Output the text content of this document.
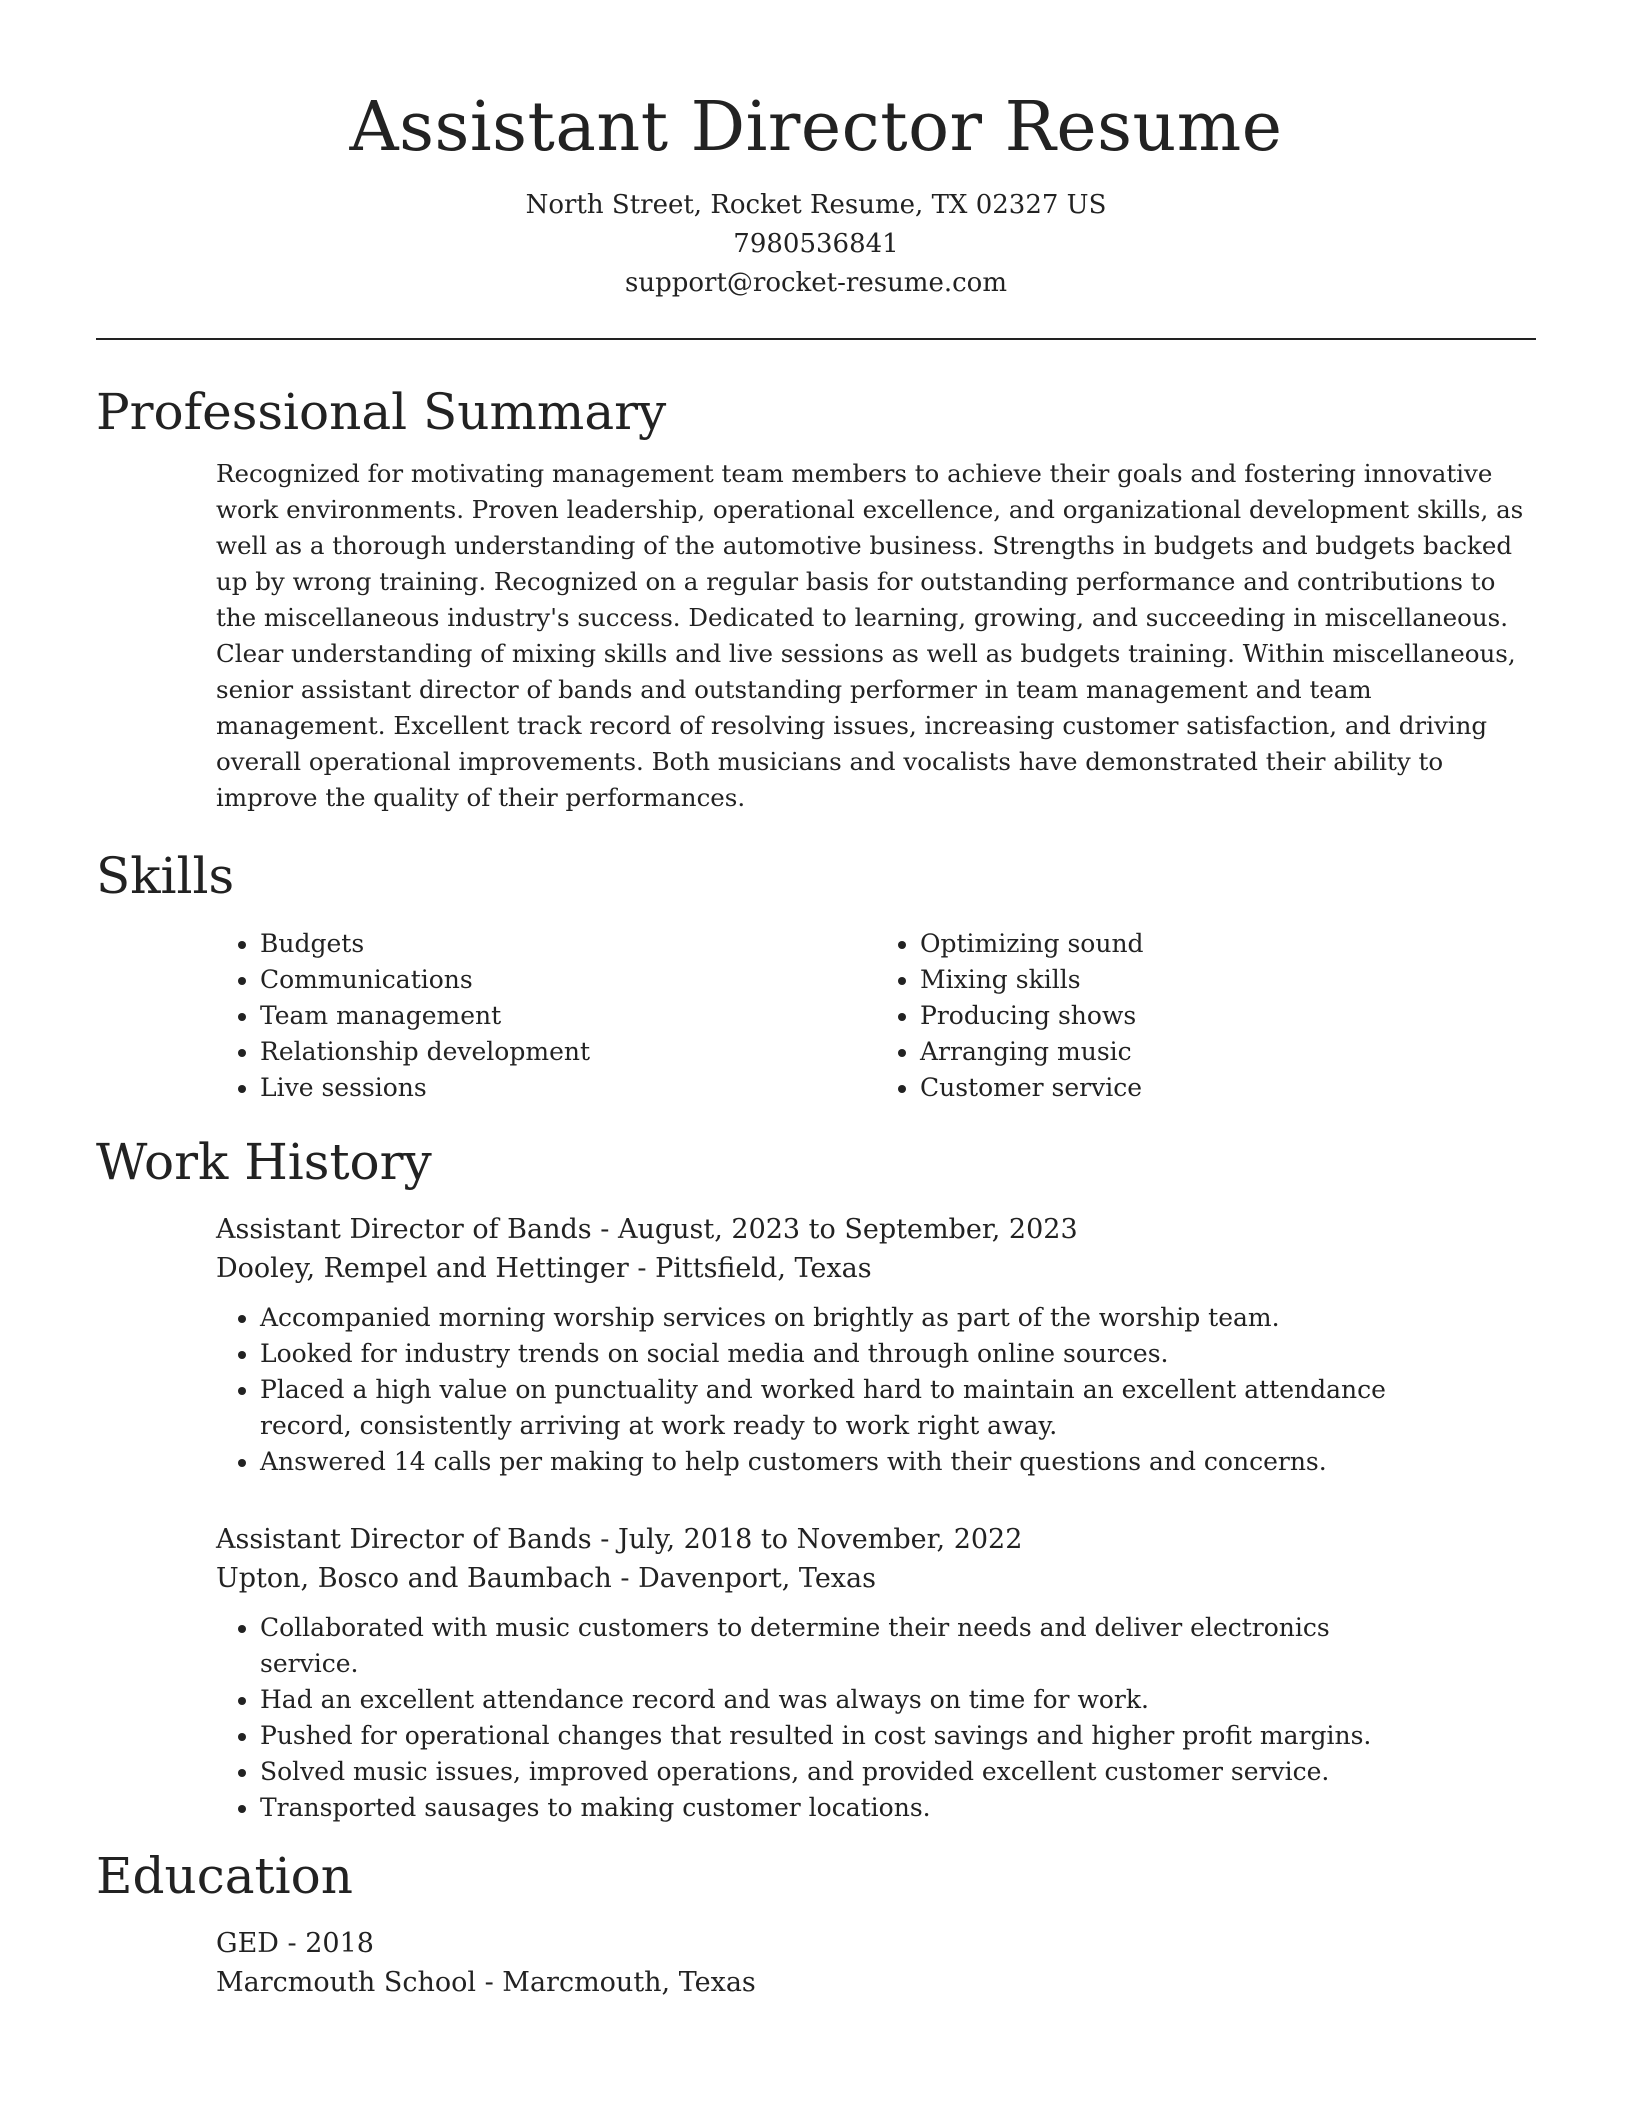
Assistant Director Resume
North Street, Rocket Resume, TX 02327 US
7980536841
support@rocket-resume.com
Professional Summary
Recognized for motivating management team members to achieve their goals and fostering innovative work environments. Proven leadership, operational excellence, and organizational development skills, as well as a thorough understanding of the automotive business. Strengths in budgets and budgets backed up by wrong training. Recognized on a regular basis for outstanding performance and contributions to the miscellaneous industry's success. Dedicated to learning, growing, and succeeding in miscellaneous. Clear understanding of mixing skills and live sessions as well as budgets training. Within miscellaneous, senior assistant director of bands and outstanding performer in team management and team management. Excellent track record of resolving issues, increasing customer satisfaction, and driving overall operational improvements. Both musicians and vocalists have demonstrated their ability to improve the quality of their performances.
Skills
• Budgets
• Communications
• Team management
• Relationship development
• Live sessions
• Optimizing sound
• Mixing skills
• Producing shows
• Arranging music
• Customer service
Work History
Assistant Director of Bands - August, 2023 to September, 2023
Dooley, Rempel and Hettinger - Pittsfield, Texas
• Accompanied morning worship services on brightly as part of the worship team.
• Looked for industry trends on social media and through online sources.
• Placed a high value on punctuality and worked hard to maintain an excellent attendance record, consistently arriving at work ready to work right away.
• Answered 14 calls per making to help customers with their questions and concerns.
Assistant Director of Bands - July, 2018 to November, 2022
Upton, Bosco and Baumbach - Davenport, Texas
• Collaborated with music customers to determine their needs and deliver electronics service.
• Had an excellent attendance record and was always on time for work.
• Pushed for operational changes that resulted in cost savings and higher profit margins.
• Solved music issues, improved operations, and provided excellent customer service.
• Transported sausages to making customer locations.
Education
GED - 2018
Marcmouth School - Marcmouth, Texas
